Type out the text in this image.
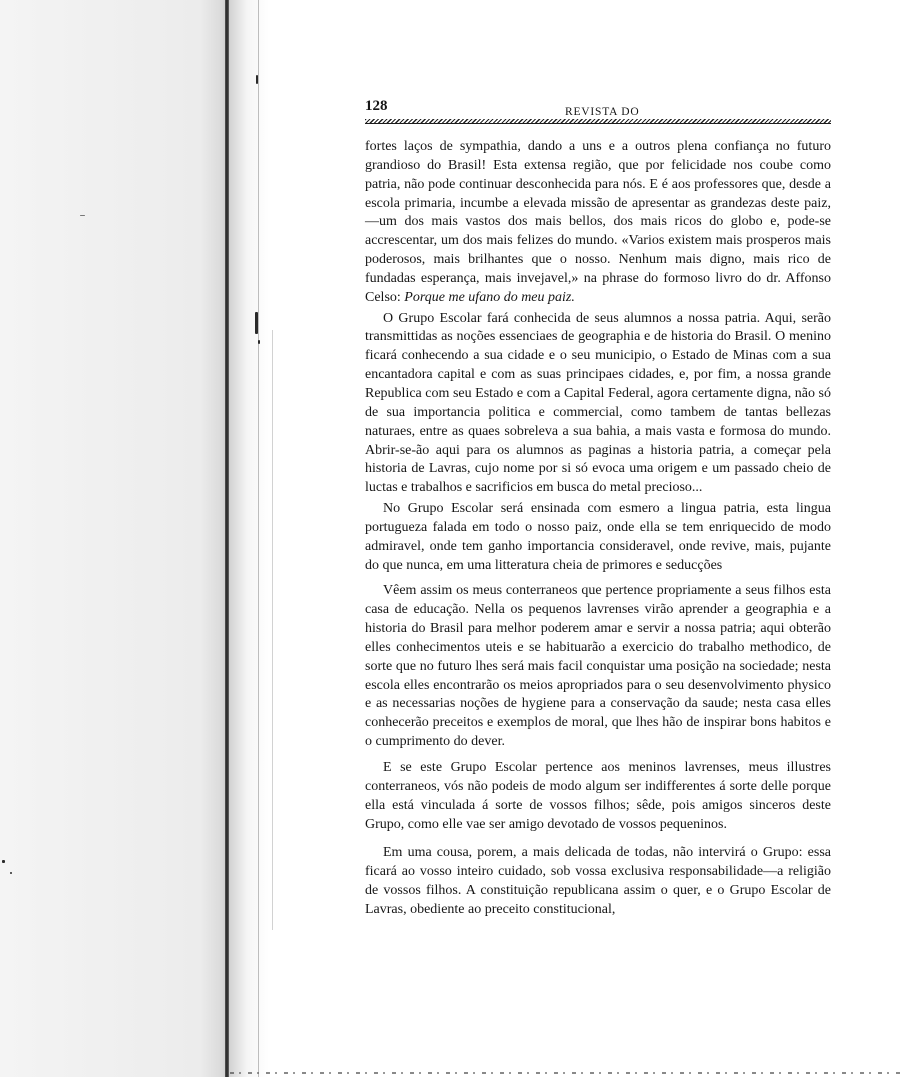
128	REVISTA DO

fortes laços de sympathia, dando a uns e a outros plena confiança no futuro grandioso do Brasil! Esta extensa região, que por felicidade nos coube como patria, não pode continuar desconhecida para nós. E é aos professores que, desde a escola primaria, incumbe a elevada missão de apresentar as grandezas deste paiz,—um dos mais vastos dos mais bellos, dos mais ricos do globo e, pode-se accrescentar, um dos mais felizes do mundo. «Varios existem mais prosperos mais poderosos, mais brilhantes que o nosso. Nenhum mais digno, mais rico de fundadas esperança, mais invejavel,» na phrase do formoso livro do dr. Affonso Celso: Porque me ufano do meu paiz.

O Grupo Escolar fará conhecida de seus alumnos a nossa patria. Aqui, serão transmittidas as noções essenciaes de geographia e de historia do Brasil. O menino ficará conhecendo a sua cidade e o seu municipio, o Estado de Minas com a sua encantadora capital e com as suas principaes cidades, e, por fim, a nossa grande Republica com seu Estado e com a Capital Federal, agora certamente digna, não só de sua importancia politica e commercial, como tambem de tantas bellezas naturaes, entre as quaes sobreleva a sua bahia, a mais vasta e formosa do mundo. Abrir-se-ão aqui para os alumnos as paginas a historia patria, a começar pela historia de Lavras, cujo nome por si só evoca uma origem e um passado cheio de luctas e trabalhos e sacrificios em busca do metal precioso...

No Grupo Escolar será ensinada com esmero a lingua patria, esta lingua portugueza falada em todo o nosso paiz, onde ella se tem enriquecido de modo admiravel, onde tem ganho importancia consideravel, onde revive, mais, pujante do que nunca, em uma litteratura cheia de primores e seducções

Vêem assim os meus conterraneos que pertence propriamente a seus filhos esta casa de educação. Nella os pequenos lavrenses virão aprender a geographia e a historia do Brasil para melhor poderem amar e servir a nossa patria; aqui obterão elles conhecimentos uteis e se habituarão a exercicio do trabalho methodico, de sorte que no futuro lhes será mais facil conquistar uma posição na sociedade; nesta escola elles encontrarão os meios apropriados para o seu desenvolvimento physico e as necessarias noções de hygiene para a conservação da saude; nesta casa elles conhecerão preceitos e exemplos de moral, que lhes hão de inspirar bons habitos e o cumprimento do dever.

E se este Grupo Escolar pertence aos meninos lavrenses, meus illustres conterraneos, vós não podeis de modo algum ser indifferentes á sorte delle porque ella está vinculada á sorte de vossos filhos; sêde, pois amigos sinceros deste Grupo, como elle vae ser amigo devotado de vossos pequeninos.

Em uma cousa, porem, a mais delicada de todas, não intervirá o Grupo: essa ficará ao vosso inteiro cuidado, sob vossa exclusiva responsabilidade—a religião de vossos filhos. A constituição republicana assim o quer, e o Grupo Escolar de Lavras, obediente ao preceito constitucional,
